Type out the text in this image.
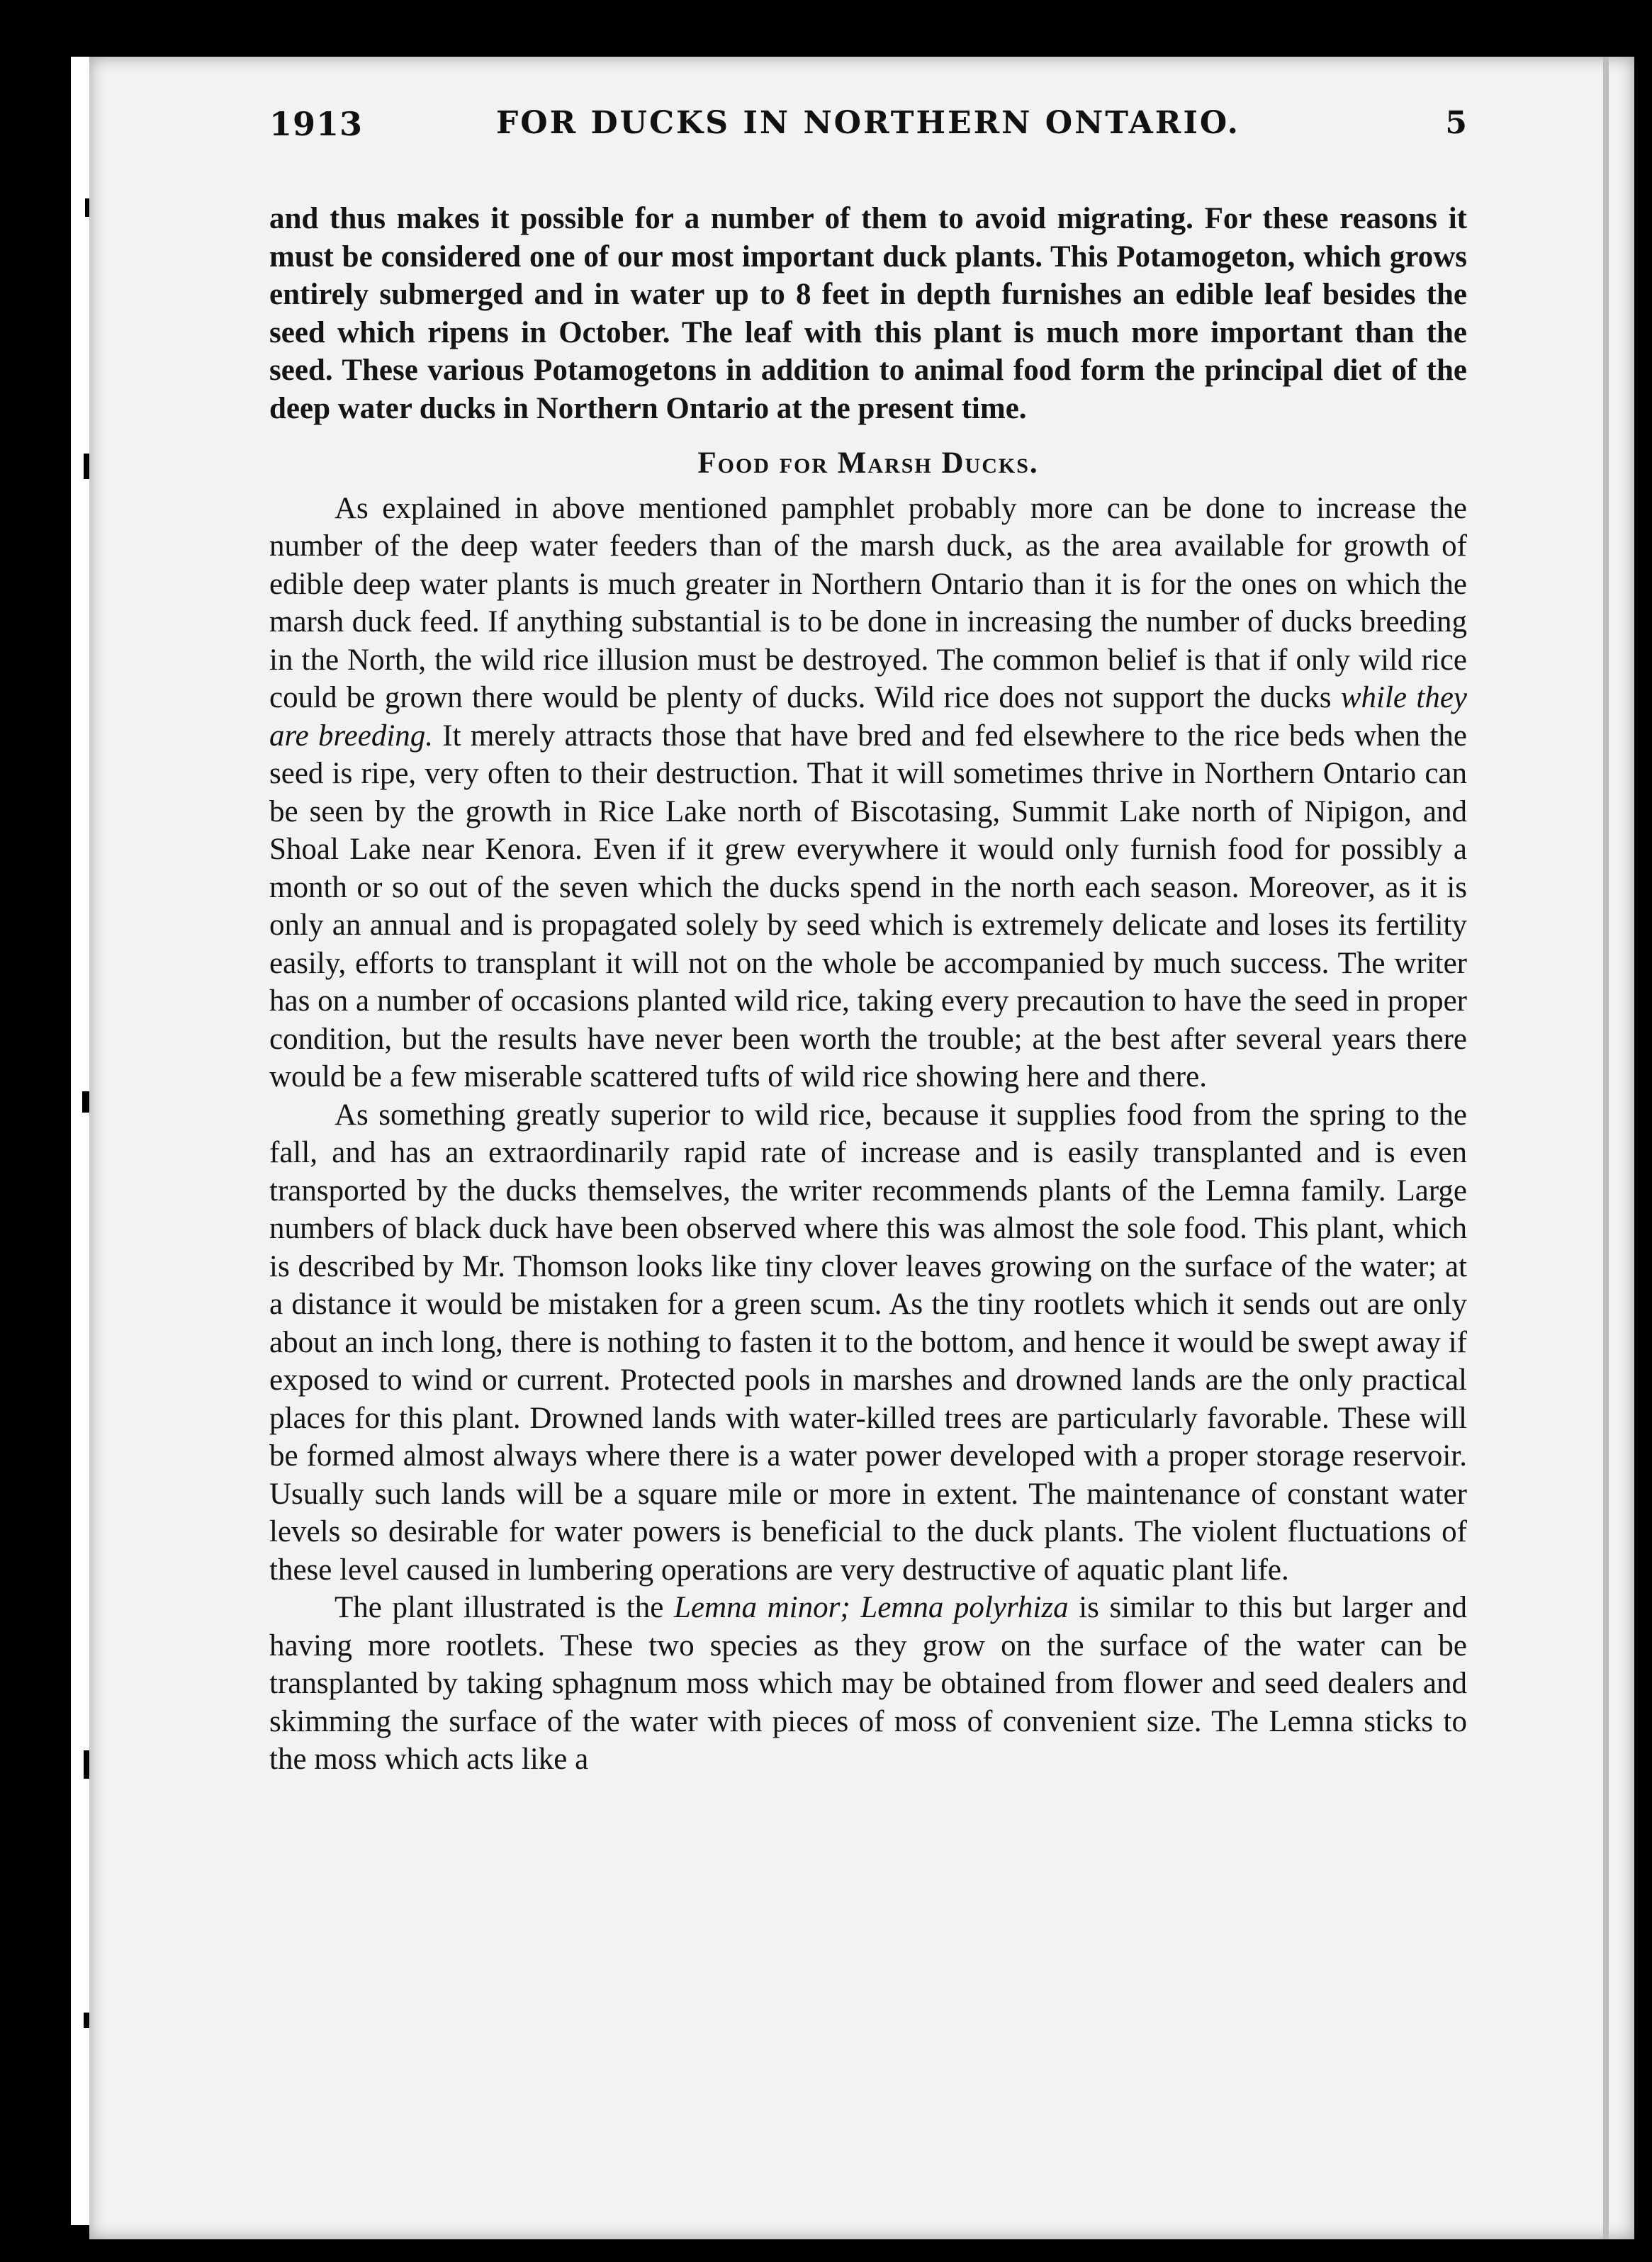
1913	FOR DUCKS IN NORTHERN ONTARIO.	5

and thus makes it possible for a number of them to avoid migrating. For these reasons it must be considered one of our most important duck plants. This Potamogeton, which grows entirely submerged and in water up to 8 feet in depth furnishes an edible leaf besides the seed which ripens in October. The leaf with this plant is much more important than the seed. These various Potamogetons in addition to animal food form the principal diet of the deep water ducks in Northern Ontario at the present time.

Food for Marsh Ducks.

As explained in above mentioned pamphlet probably more can be done to increase the number of the deep water feeders than of the marsh duck, as the area available for growth of edible deep water plants is much greater in Northern Ontario than it is for the ones on which the marsh duck feed. If anything substantial is to be done in increasing the number of ducks breeding in the North, the wild rice illusion must be destroyed. The common belief is that if only wild rice could be grown there would be plenty of ducks. Wild rice does not support the ducks while they are breeding. It merely attracts those that have bred and fed elsewhere to the rice beds when the seed is ripe, very often to their destruction. That it will sometimes thrive in Northern Ontario can be seen by the growth in Rice Lake north of Biscotasing, Summit Lake north of Nipigon, and Shoal Lake near Kenora. Even if it grew everywhere it would only furnish food for possibly a month or so out of the seven which the ducks spend in the north each season. Moreover, as it is only an annual and is propagated solely by seed which is extremely delicate and loses its fertility easily, efforts to transplant it will not on the whole be accompanied by much success. The writer has on a number of occasions planted wild rice, taking every precaution to have the seed in proper condition, but the results have never been worth the trouble; at the best after several years there would be a few miserable scattered tufts of wild rice showing here and there.

As something greatly superior to wild rice, because it supplies food from the spring to the fall, and has an extraordinarily rapid rate of increase and is easily transplanted and is even transported by the ducks themselves, the writer recommends plants of the Lemna family. Large numbers of black duck have been observed where this was almost the sole food. This plant, which is described by Mr. Thomson looks like tiny clover leaves growing on the surface of the water; at a distance it would be mistaken for a green scum. As the tiny rootlets which it sends out are only about an inch long, there is nothing to fasten it to the bottom, and hence it would be swept away if exposed to wind or current. Protected pools in marshes and drowned lands are the only practical places for this plant. Drowned lands with water-killed trees are particularly favorable. These will be formed almost always where there is a water power developed with a proper storage reservoir. Usually such lands will be a square mile or more in extent. The maintenance of constant water levels so desirable for water powers is beneficial to the duck plants. The violent fluctuations of these level caused in lumbering operations are very destructive of aquatic plant life.

The plant illustrated is the Lemna minor; Lemna polyrhiza is similar to this but larger and having more rootlets. These two species as they grow on the surface of the water can be transplanted by taking sphagnum moss which may be obtained from flower and seed dealers and skimming the surface of the water with pieces of moss of convenient size. The Lemna sticks to the moss which acts like a
